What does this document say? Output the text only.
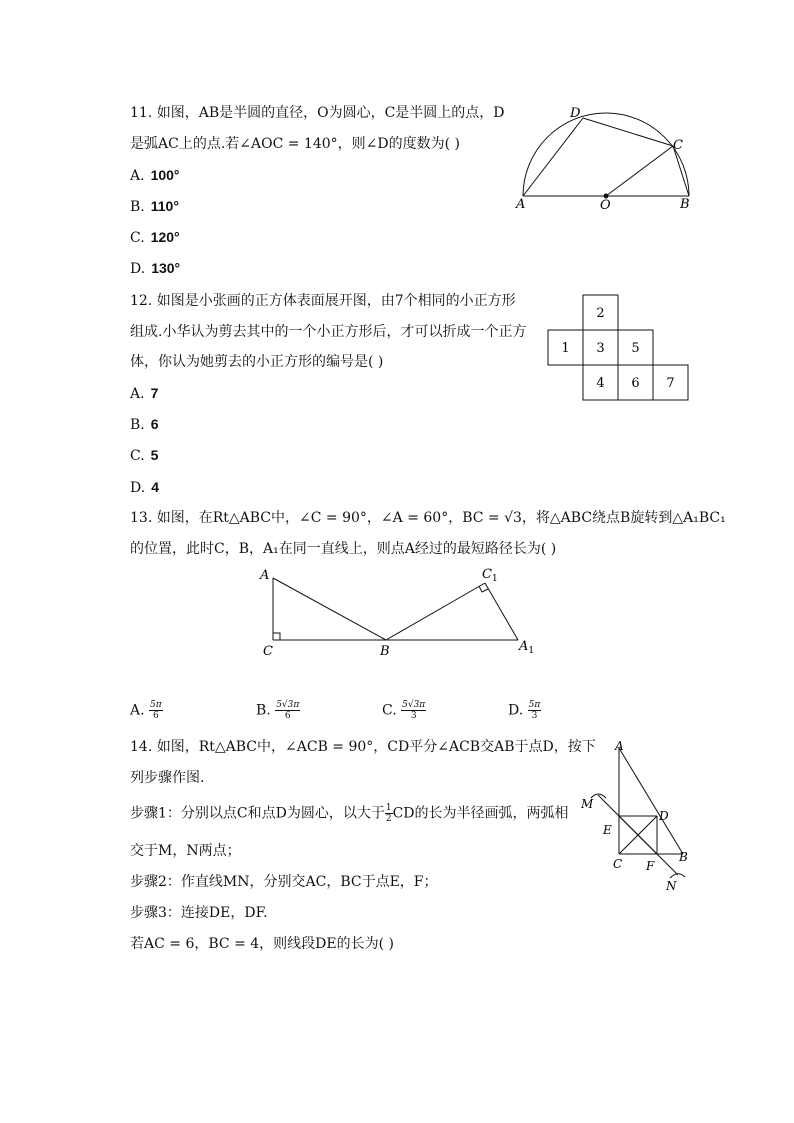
11. 如图，AB是半圆的直径，O为圆心，C是半圆上的点，D
是弧AC上的点.若∠AOC = 140°，则∠D的度数为( )
A. 100°
B. 110°
C. 120°
D. 130°
A	O	B
D
C
12. 如图是小张画的正方体表面展开图，由7个相同的小正方形
组成.小华认为剪去其中的一个小正方形后，才可以折成一个正方
体，你认为她剪去的小正方形的编号是( )
A. 7
B. 6
C. 5
D. 4
1
2
3
4
5
6 7
13. 如图，在Rt△ABC中，∠C = 90°，∠A = 60°，BC = √3，将△ABC绕点B旋转到△A₁BC₁
的位置，此时C，B，A₁在同一直线上，则点A经过的最短路径长为( )
A
C	B
$C_1$
$A_1$
A. $\frac{5\pi}{6}$	B. $\frac{5√3\pi}{6}$	C. $\frac{5√3\pi}{3}$	D. $\frac{5\pi}{3}$
14. 如图，Rt△ABC中，∠ACB = 90°，CD平分∠ACB交AB于点D，按下
列步骤作图.
步骤1：分别以点C和点D为圆心，以大于 $\frac{1}{2}$ CD的长为半径画弧，两弧相
交于M，N两点；
步骤2：作直线MN，分别交AC，BC于点E，F；
步骤3：连接DE，DF.
若AC = 6，BC = 4，则线段DE的长为( )
A
M
D
E
C F
B
N
